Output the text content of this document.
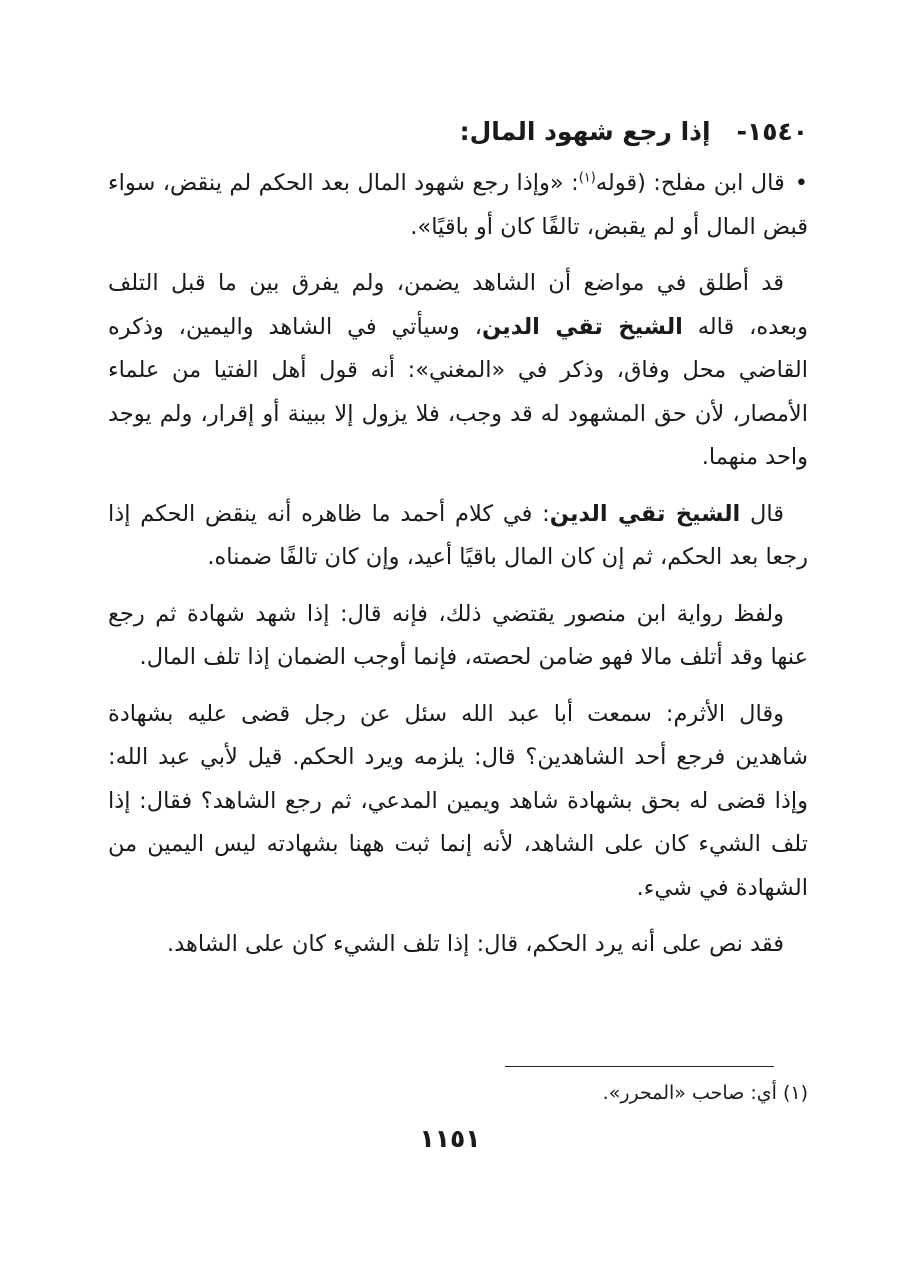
١٥٤٠-إذا رجع شهود المال:

•قال ابن مفلح: (قوله$^{(١)}$: «وإذا رجع شهود المال بعد الحكم لم ينقض، سواء قبض المال أو لم يقبض، تالفًا كان أو باقيًا».

قد أطلق في مواضع أن الشاهد يضمن، ولم يفرق بين ما قبل التلف وبعده، قاله الشيخ تقي الدين، وسيأتي في الشاهد واليمين، وذكره القاضي محل وفاق، وذكر في «المغني»: أنه قول أهل الفتيا من علماء الأمصار، لأن حق المشهود له قد وجب، فلا يزول إلا ببينة أو إقرار، ولم يوجد واحد منهما.

قال الشيخ تقي الدين: في كلام أحمد ما ظاهره أنه ينقض الحكم إذا رجعا بعد الحكم، ثم إن كان المال باقيًا أعيد، وإن كان تالفًا ضمناه.

ولفظ رواية ابن منصور يقتضي ذلك، فإنه قال: إذا شهد شهادة ثم رجع عنها وقد أتلف مالا فهو ضامن لحصته، فإنما أوجب الضمان إذا تلف المال.

وقال الأثرم: سمعت أبا عبد الله سئل عن رجل قضى عليه بشهادة شاهدين فرجع أحد الشاهدين؟ قال: يلزمه ويرد الحكم. قيل لأبي عبد الله: وإذا قضى له بحق بشهادة شاهد ويمين المدعي، ثم رجع الشاهد؟ فقال: إذا تلف الشيء كان على الشاهد، لأنه إنما ثبت ههنا بشهادته ليس اليمين من الشهادة في شيء.

فقد نص على أنه يرد الحكم، قال: إذا تلف الشيء كان على الشاهد.

(١) أي: صاحب «المحرر».
١١٥١
